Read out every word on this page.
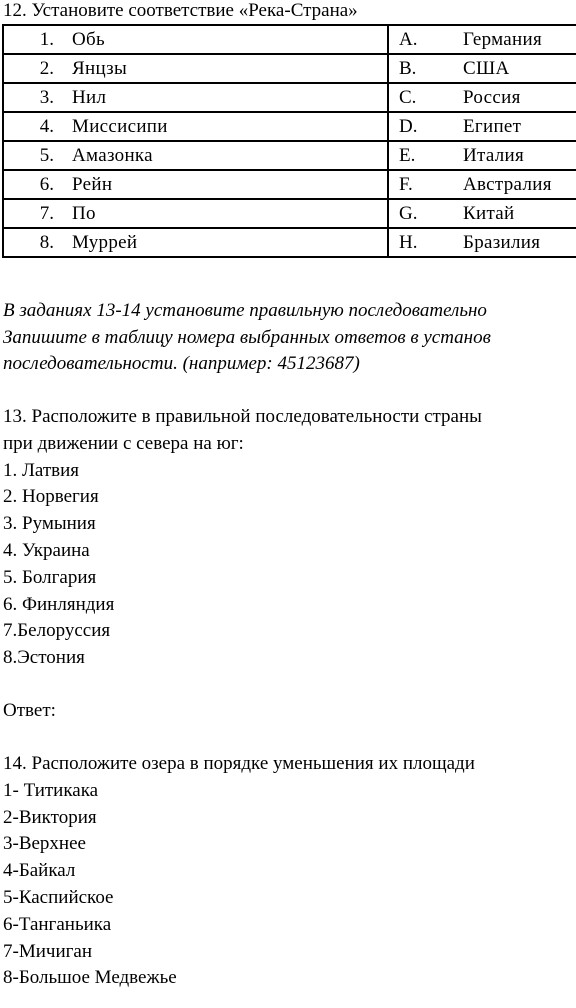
12. Установите соответствие «Река-Страна»
1. Обь	A. Германия
2. Янцзы	B. США
3. Нил	C. Россия
4. Миссисипи	D. Египет
5. Амазонка	E. Италия
6. Рейн	F. Австралия
7. По	G. Китай
8. Муррей	H. Бразилия
В заданиях 13-14 установите правильную последовательно
Запишите в таблицу номера выбранных ответов в установ
последовательности. (например: 45123687)
13. Расположите в правильной последовательности страны
при движении с севера на юг:
1. Латвия
2. Норвегия
3. Румыния
4. Украина
5. Болгария
6. Финляндия
7.Белоруссия
8.Эстония
Ответ:
14. Расположите озера в порядке уменьшения их площади
1- Титикака
2-Виктория
3-Верхнее
4-Байкал
5-Каспийское
6-Танганьика
7-Мичиган
8-Большое Медвежье
